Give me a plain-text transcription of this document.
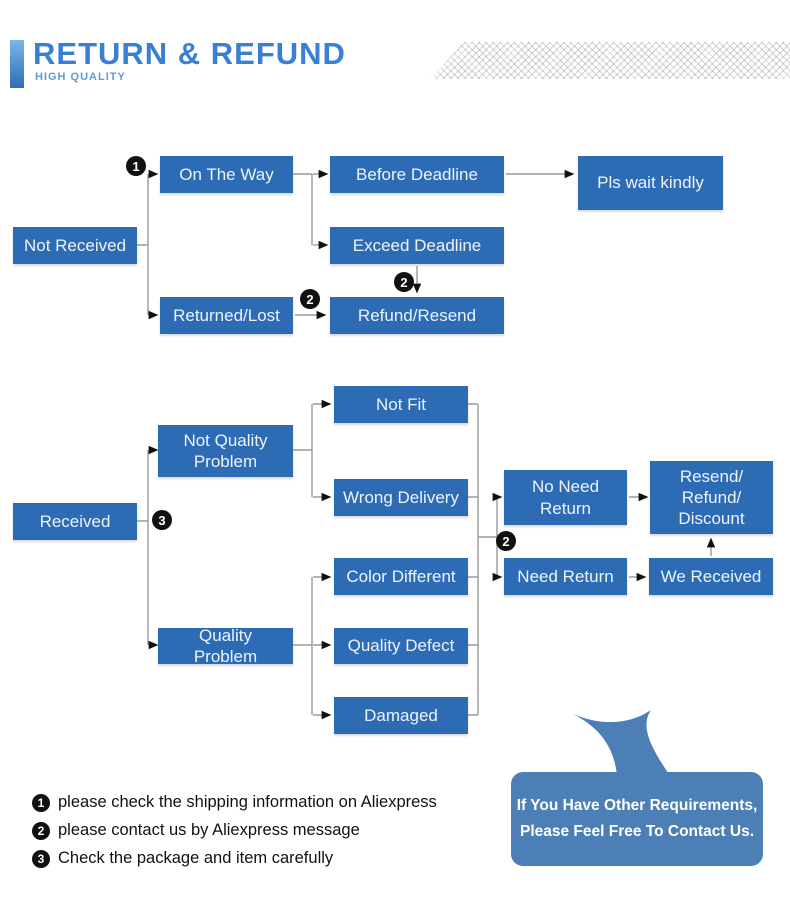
RETURN & REFUND
HIGH QUALITY
Not Received
On The Way
Returned/Lost
Before Deadline
Exceed Deadline
Refund/Resend
Pls wait kindly
Received
Not Quality Problem
Quality Problem
Not Fit
Wrong Delivery
Color Different
Quality Defect
Damaged
No Need Return
Need Return
Resend/ Refund/ Discount
We Received
1
2
2
3
2
1 please check the shipping information on Aliexpress
2 please contact us by Aliexpress message
3 Check the package and item carefully
If You Have Other Requirements,
Please Feel Free To Contact Us.
